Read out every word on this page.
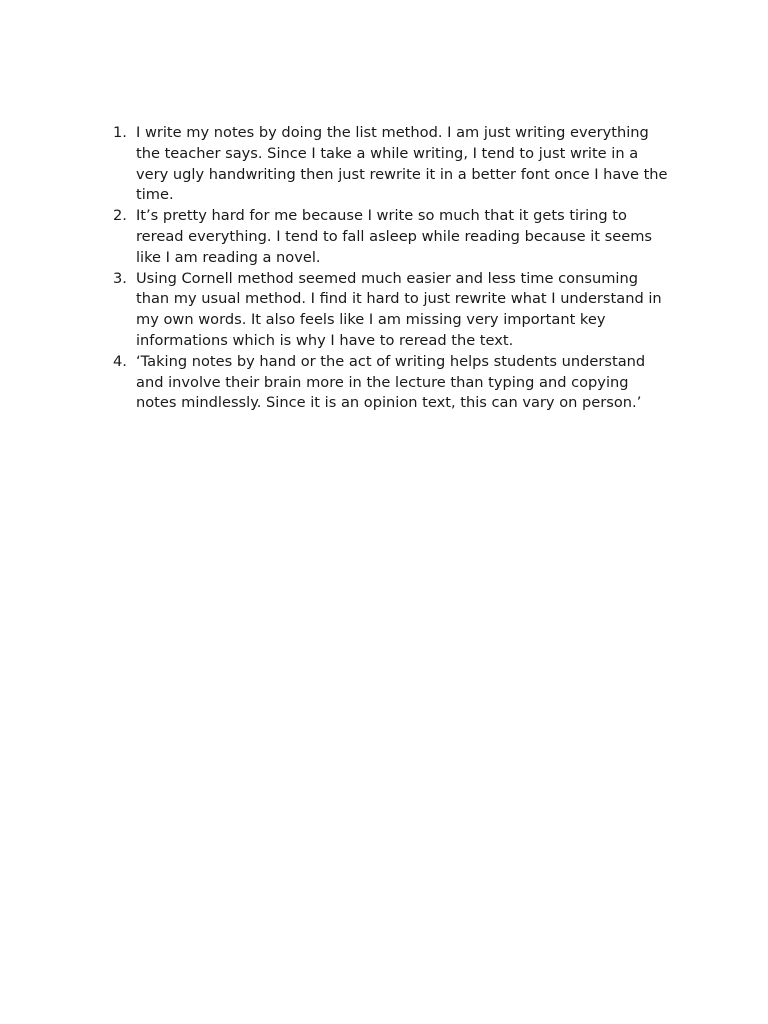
1. I write my notes by doing the list method. I am just writing everything the teacher says. Since I take a while writing, I tend to just write in a very ugly handwriting then just rewrite it in a better font once I have the time.
2. It’s pretty hard for me because I write so much that it gets tiring to reread everything. I tend to fall asleep while reading because it seems like I am reading a novel.
3. Using Cornell method seemed much easier and less time consuming than my usual method. I find it hard to just rewrite what I understand in my own words. It also feels like I am missing very important key informations which is why I have to reread the text.
4. ‘Taking notes by hand or the act of writing helps students understand and involve their brain more in the lecture than typing and copying notes mindlessly. Since it is an opinion text, this can vary on person.’
